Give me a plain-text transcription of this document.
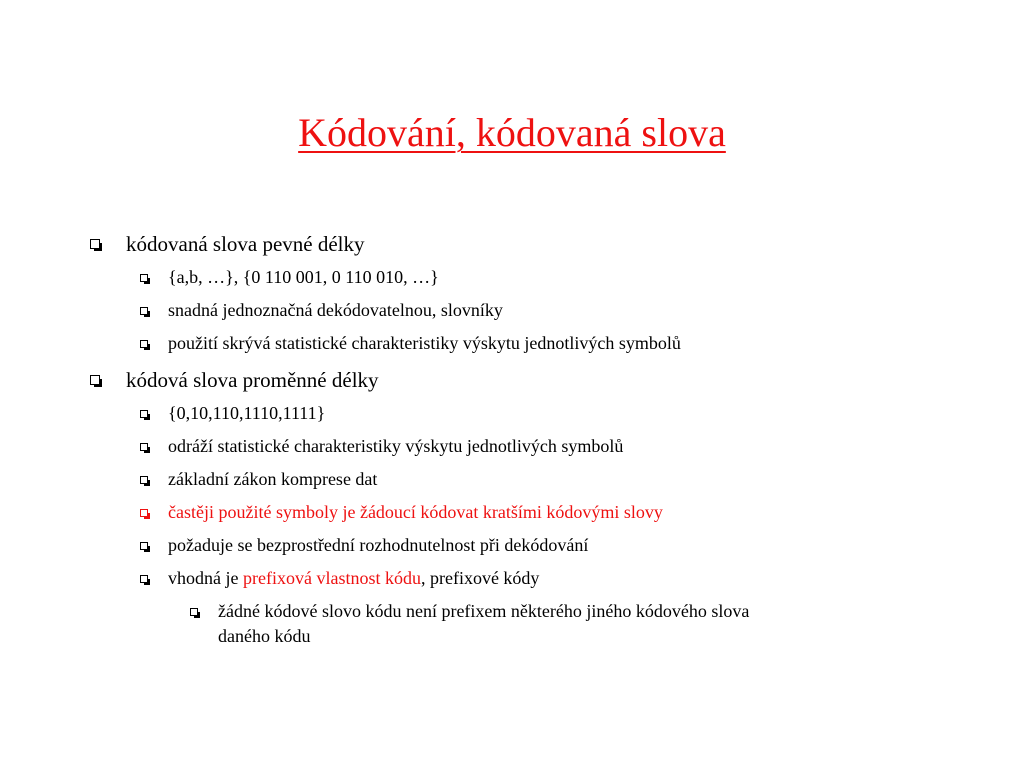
Kódování, kódovaná slova
kódovaná slova pevné délky
{a,b, …}, {0 110 001, 0 110 010, …}
snadná jednoznačná dekódovatelnou, slovníky
použití skrývá statistické charakteristiky výskytu jednotlivých symbolů
kódová slova proměnné délky
{0,10,110,1110,1111}
odráží statistické charakteristiky výskytu jednotlivých symbolů
základní zákon komprese dat
častěji použité symboly je žádoucí kódovat kratšími kódovými slovy
požaduje se bezprostřední rozhodnutelnost při dekódování
vhodná je prefixová vlastnost kódu, prefixové kódy
žádné kódové slovo kódu není prefixem některého jiného kódového slova
daného kódu
